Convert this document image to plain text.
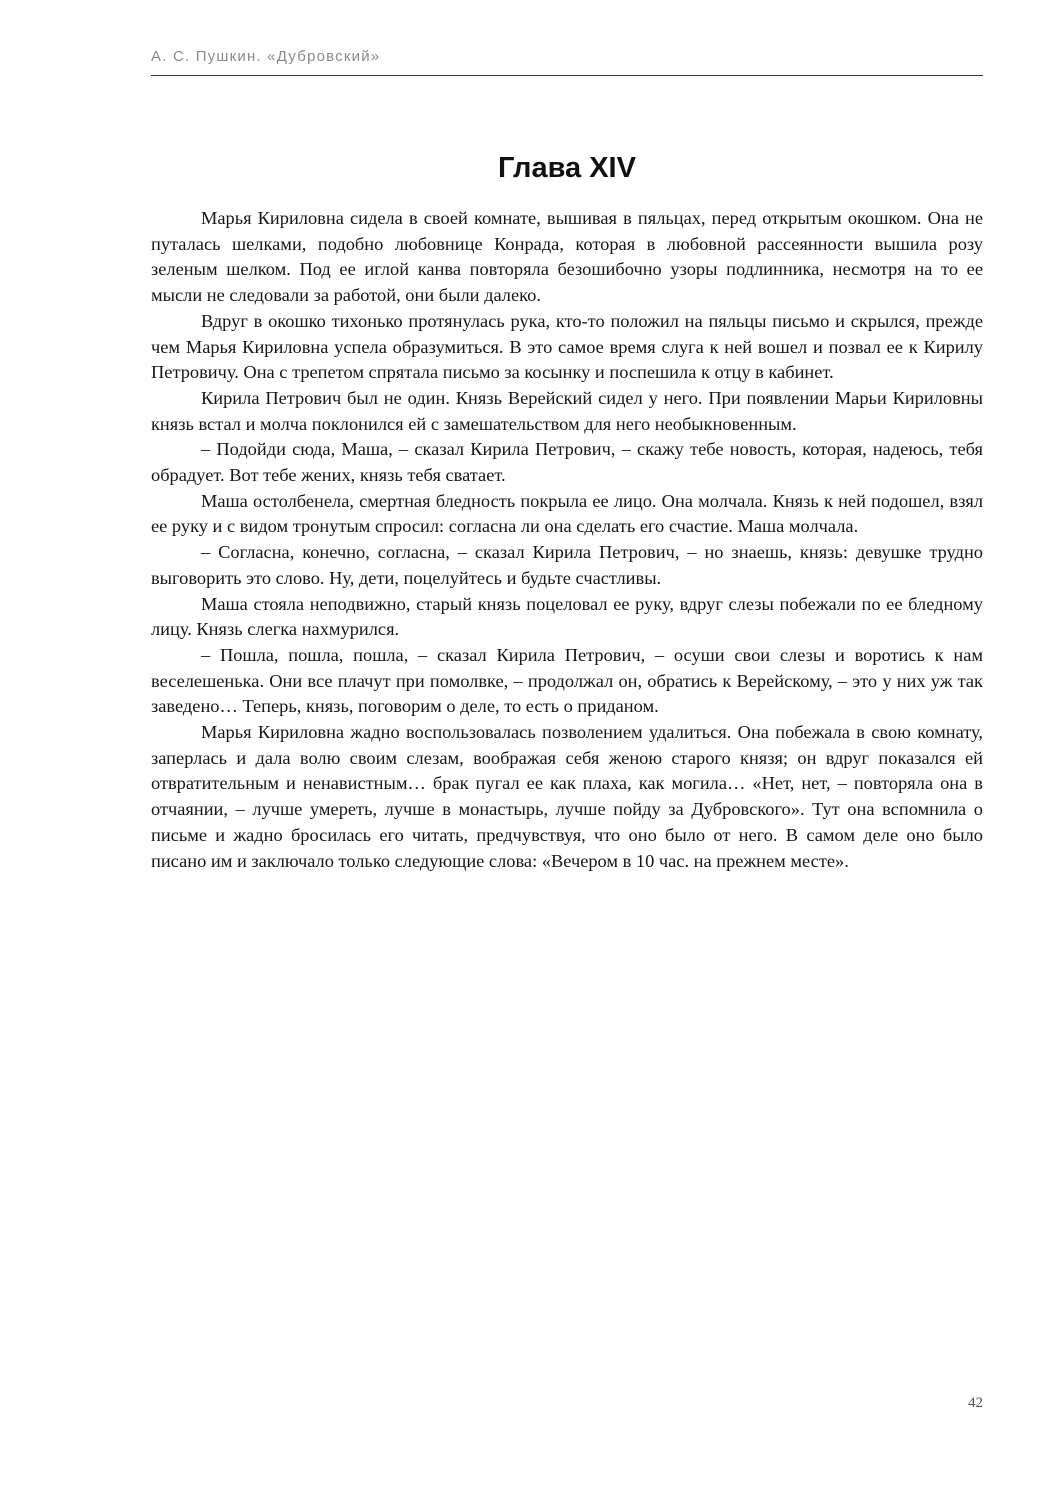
А. С. Пушкин. «Дубровский»
Глава XIV

Марья Кириловна сидела в своей комнате, вышивая в пяльцах, перед открытым окошком. Она не путалась шелками, подобно любовнице Конрада, которая в любовной рассеянности вышила розу зеленым шелком. Под ее иглой канва повторяла безошибочно узоры подлинника, несмотря на то ее мысли не следовали за работой, они были далеко.

Вдруг в окошко тихонько протянулась рука, кто-то положил на пяльцы письмо и скрылся, прежде чем Марья Кириловна успела образумиться. В это самое время слуга к ней вошел и позвал ее к Кирилу Петровичу. Она с трепетом спрятала письмо за косынку и поспешила к отцу в кабинет.

Кирила Петрович был не один. Князь Верейский сидел у него. При появлении Марьи Кириловны князь встал и молча поклонился ей с замешательством для него необыкновенным.

– Подойди сюда, Маша, – сказал Кирила Петрович, – скажу тебе новость, которая, надеюсь, тебя обрадует. Вот тебе жених, князь тебя сватает.

Маша остолбенела, смертная бледность покрыла ее лицо. Она молчала. Князь к ней подошел, взял ее руку и с видом тронутым спросил: согласна ли она сделать его счастие. Маша молчала.

– Согласна, конечно, согласна, – сказал Кирила Петрович, – но знаешь, князь: девушке трудно выговорить это слово. Ну, дети, поцелуйтесь и будьте счастливы.

Маша стояла неподвижно, старый князь поцеловал ее руку, вдруг слезы побежали по ее бледному лицу. Князь слегка нахмурился.

– Пошла, пошла, пошла, – сказал Кирила Петрович, – осуши свои слезы и воротись к нам веселешенька. Они все плачут при помолвке, – продолжал он, обратись к Верейскому, – это у них уж так заведено… Теперь, князь, поговорим о деле, то есть о приданом.

Марья Кириловна жадно воспользовалась позволением удалиться. Она побежала в свою комнату, заперлась и дала волю своим слезам, воображая себя женою старого князя; он вдруг показался ей отвратительным и ненавистным… брак пугал ее как плаха, как могила… «Нет, нет, – повторяла она в отчаянии, – лучше умереть, лучше в монастырь, лучше пойду за Дубровского». Тут она вспомнила о письме и жадно бросилась его читать, предчувствуя, что оно было от него. В самом деле оно было писано им и заключало только следующие слова: «Вечером в 10 час. на прежнем месте».

42
